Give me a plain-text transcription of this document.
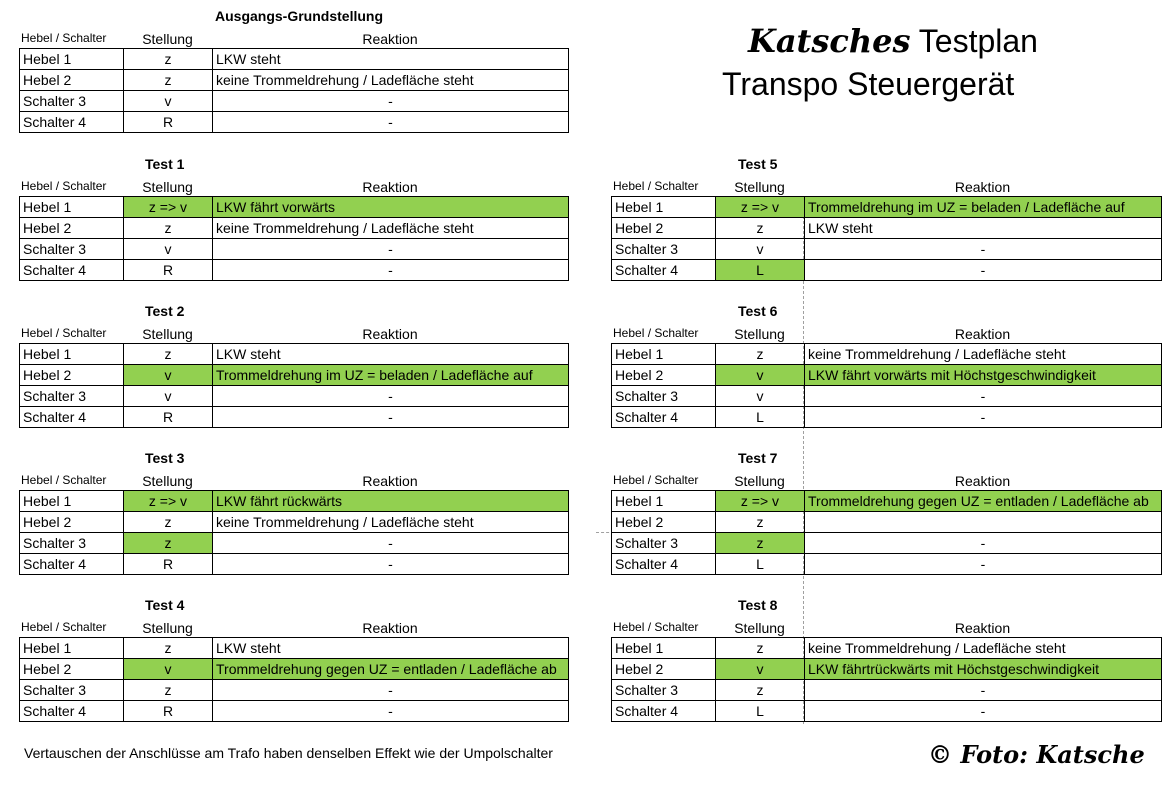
Katsches Testplan
Transpo Steuergerät
Ausgangs-Grundstellung
Hebel / Schalter	Stellung	Reaktion
Hebel 1	z	LKW steht
Hebel 2	z	keine Trommeldrehung / Ladefläche steht
Schalter 3	v	-
Schalter 4	R	-
Test 1
Hebel / Schalter	Stellung	Reaktion
Hebel 1	z => v	LKW fährt vorwärts
Hebel 2	z	keine Trommeldrehung / Ladefläche steht
Schalter 3	v	-
Schalter 4	R	-
Test 2
Hebel / Schalter	Stellung	Reaktion
Hebel 1	z	LKW steht
Hebel 2	v	Trommeldrehung im UZ = beladen / Ladefläche auf
Schalter 3	v	-
Schalter 4	R	-
Test 3
Hebel / Schalter	Stellung	Reaktion
Hebel 1	z => v	LKW fährt rückwärts
Hebel 2	z	keine Trommeldrehung / Ladefläche steht
Schalter 3	z	-
Schalter 4	R	-
Test 4
Hebel / Schalter	Stellung	Reaktion
Hebel 1	z	LKW steht
Hebel 2	v	Trommeldrehung gegen UZ = entladen / Ladefläche ab
Schalter 3	z	-
Schalter 4	R	-
Test 5
Hebel / Schalter	Stellung	Reaktion
Hebel 1	z => v	Trommeldrehung im UZ = beladen / Ladefläche auf
Hebel 2	z	LKW steht
Schalter 3	v	-
Schalter 4	L	-
Test 6
Hebel / Schalter	Stellung	Reaktion
Hebel 1	z	keine Trommeldrehung / Ladefläche steht
Hebel 2	v	LKW fährt vorwärts mit Höchstgeschwindigkeit
Schalter 3	v	-
Schalter 4	L	-
Test 7
Hebel / Schalter	Stellung	Reaktion
Hebel 1	z => v	Trommeldrehung gegen UZ = entladen / Ladefläche ab
Hebel 2	z	
Schalter 3	z	-
Schalter 4	L	-
Test 8
Hebel / Schalter	Stellung	Reaktion
Hebel 1	z	keine Trommeldrehung / Ladefläche steht
Hebel 2	v	LKW fährtrückwärts mit Höchstgeschwindigkeit
Schalter 3	z	-
Schalter 4	L	-
Vertauschen der Anschlüsse am Trafo haben denselben Effekt wie der Umpolschalter	© Foto: Katsche
